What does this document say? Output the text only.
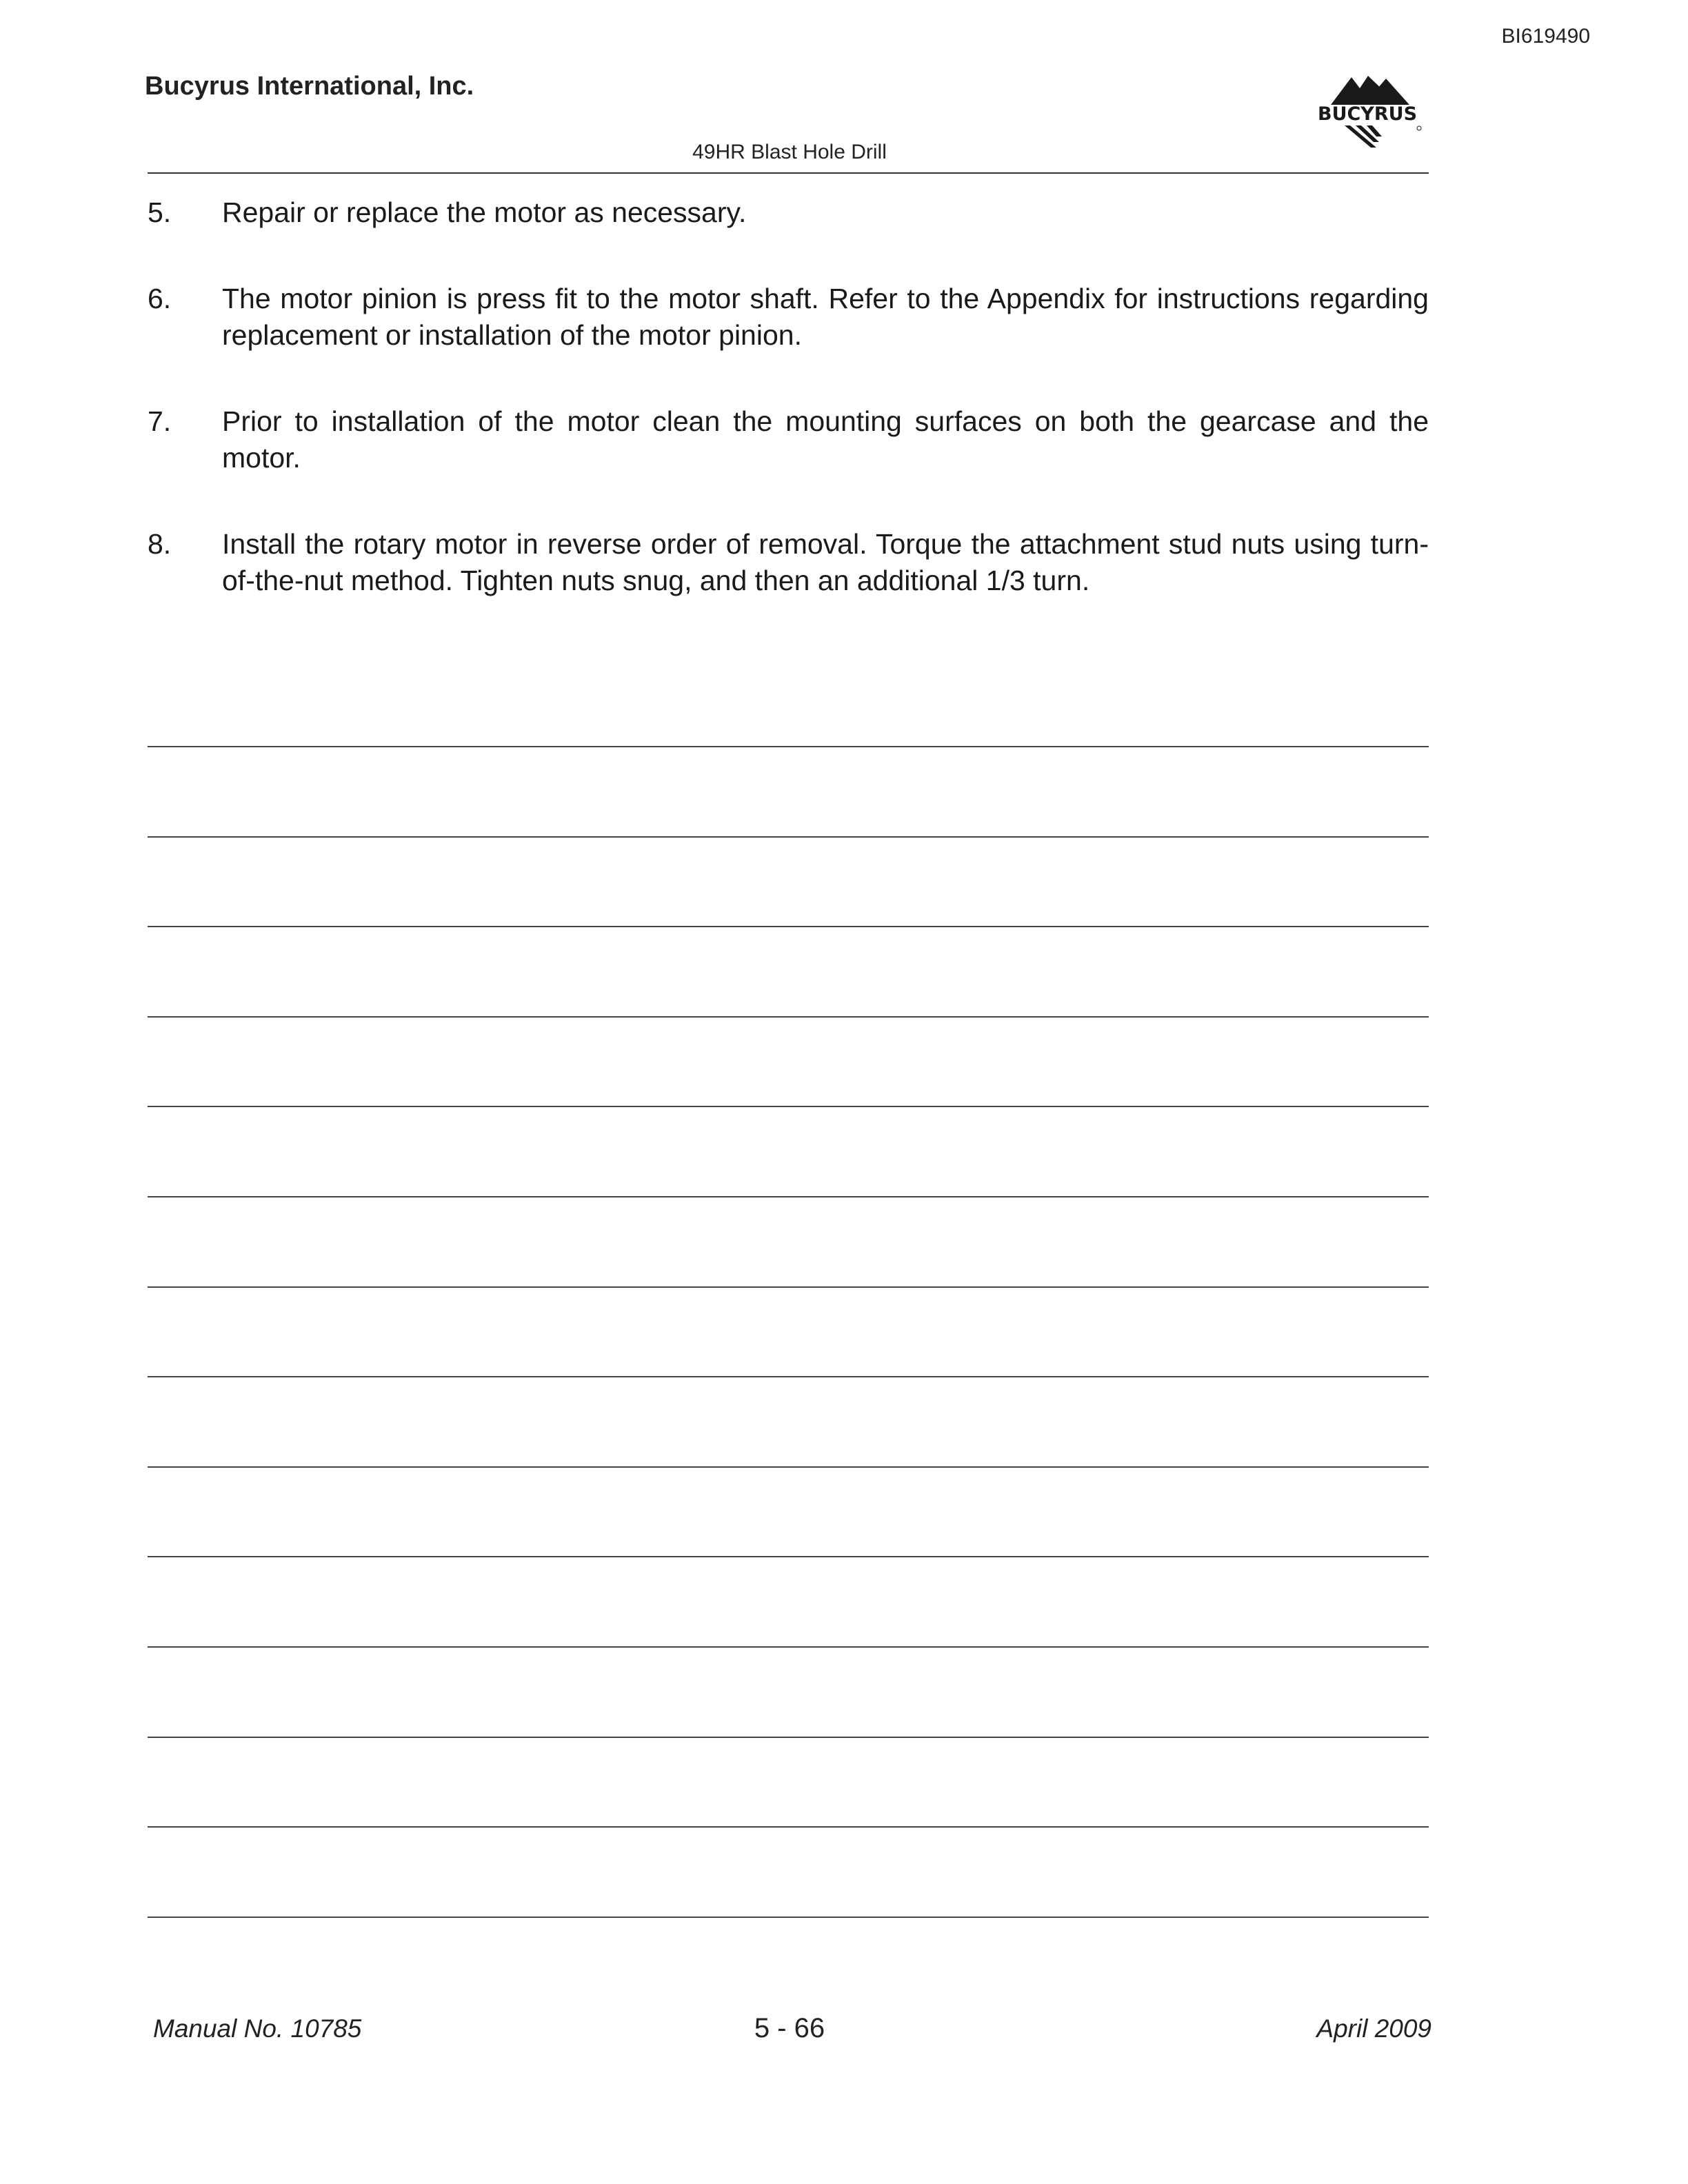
BI619490
Bucyrus International, Inc.
BUCYRUS
49HR Blast Hole Drill
5.	Repair or replace the motor as necessary.
6.	The motor pinion is press fit to the motor shaft. Refer to the Appendix for instructions regarding replacement or installation of the motor pinion.
7.	Prior to installation of the motor clean the mounting surfaces on both the gearcase and the motor.
8.	Install the rotary motor in reverse order of removal. Torque the attachment stud nuts using turn-of-the-nut method. Tighten nuts snug, and then an additional 1/3 turn.
Manual No. 10785	5 - 66	April 2009
